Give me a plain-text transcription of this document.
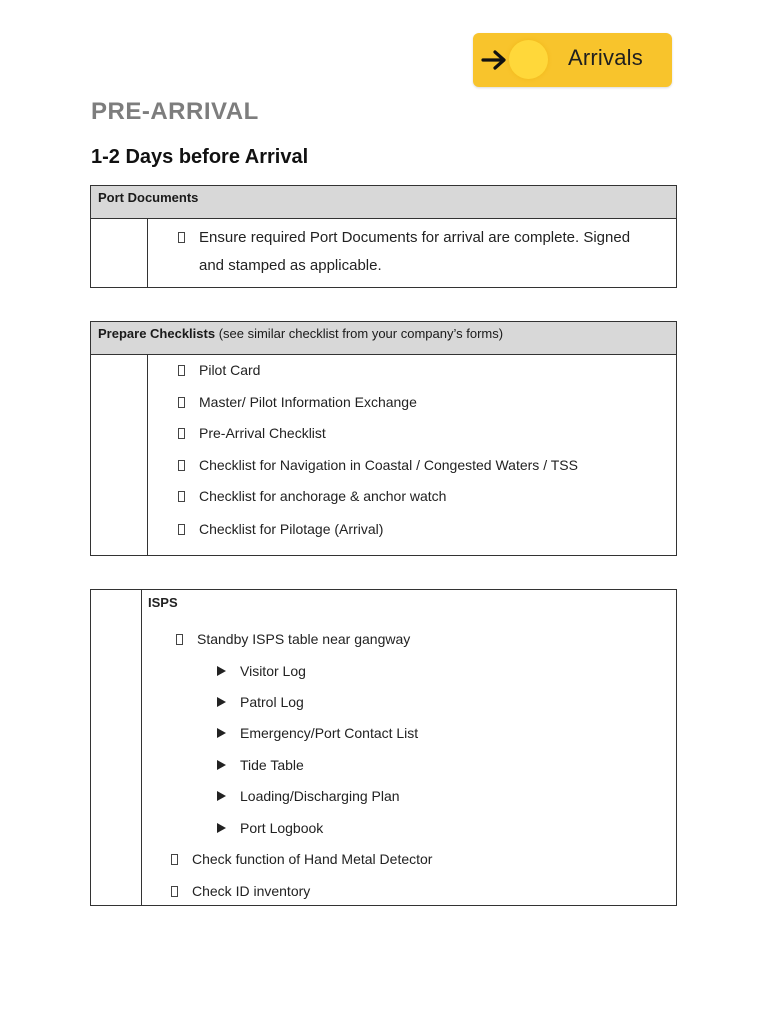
Arrivals
PRE-ARRIVAL
1-2 Days before Arrival
Port Documents
Ensure required Port Documents for arrival are complete. Signed
and stamped as applicable.
Prepare Checklists (see similar checklist from your company’s forms)
Pilot Card
Master/ Pilot Information Exchange
Pre-Arrival Checklist
Checklist for Navigation in Coastal / Congested Waters / TSS
Checklist for anchorage & anchor watch
Checklist for Pilotage (Arrival)
ISPS
Standby ISPS table near gangway
Visitor Log
Patrol Log
Emergency/Port Contact List
Tide Table
Loading/Discharging Plan
Port Logbook
Check function of Hand Metal Detector
Check ID inventory
